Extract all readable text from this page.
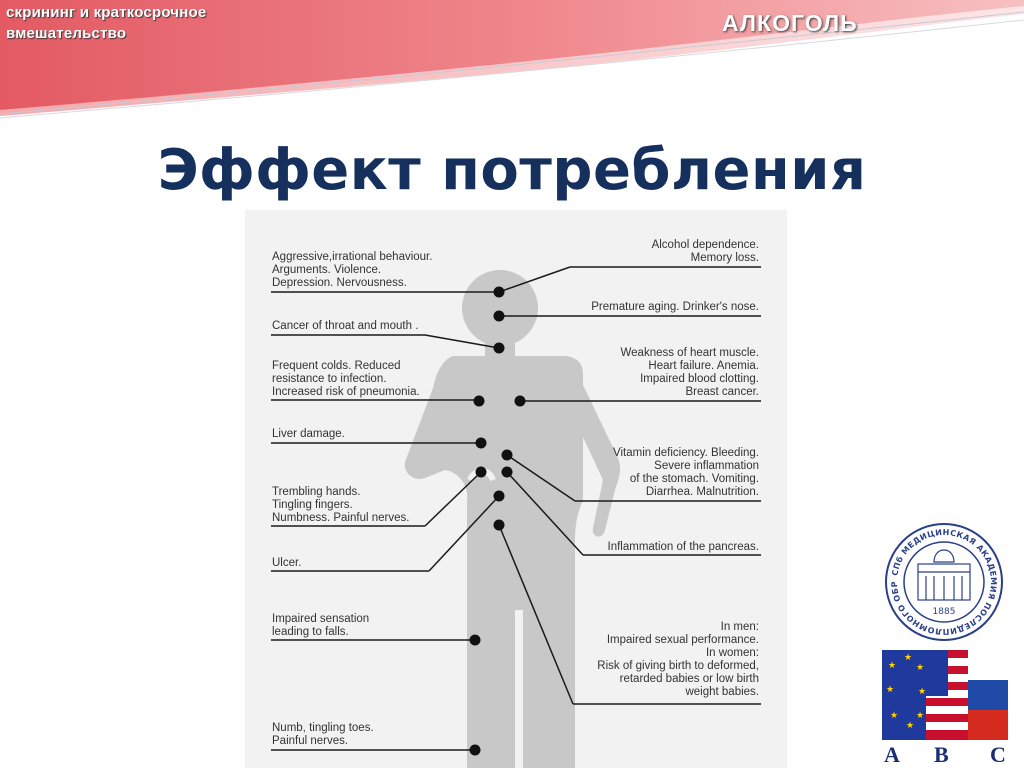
скрининг и краткосрочное
вмешательство	АЛКОГОЛЬ
Эффект потребления
Aggressive,irrational behaviour.
Arguments. Violence.
Depression. Nervousness.
Cancer of throat and mouth .
Frequent colds. Reduced
resistance to infection.
Increased risk of pneumonia.
Liver damage.
Trembling hands.
Tingling fingers.
Numbness. Painful nerves.
Ulcer.
Impaired sensation
leading to falls.
Numb, tingling toes.
Painful nerves.
Alcohol dependence.
Memory loss.
Premature aging. Drinker's nose.
Weakness of heart muscle.
Heart failure. Anemia.
Impaired blood clotting.
Breast cancer.
Vitamin deficiency. Bleeding.
Severe inflammation
of the stomach. Vomiting.
Diarrhea. Malnutrition.
Inflammation of the pancreas.
In men:
Impaired sexual performance.
In women:
Risk of giving birth to deformed,
retarded babies or low birth
weight babies.
СПб МЕДИЦИНСКАЯ АКАДЕМИЯ ПОСЛЕДИПЛОМНОГО ОБР
1885
★
★
★
★	★
★
★
★
A B C
